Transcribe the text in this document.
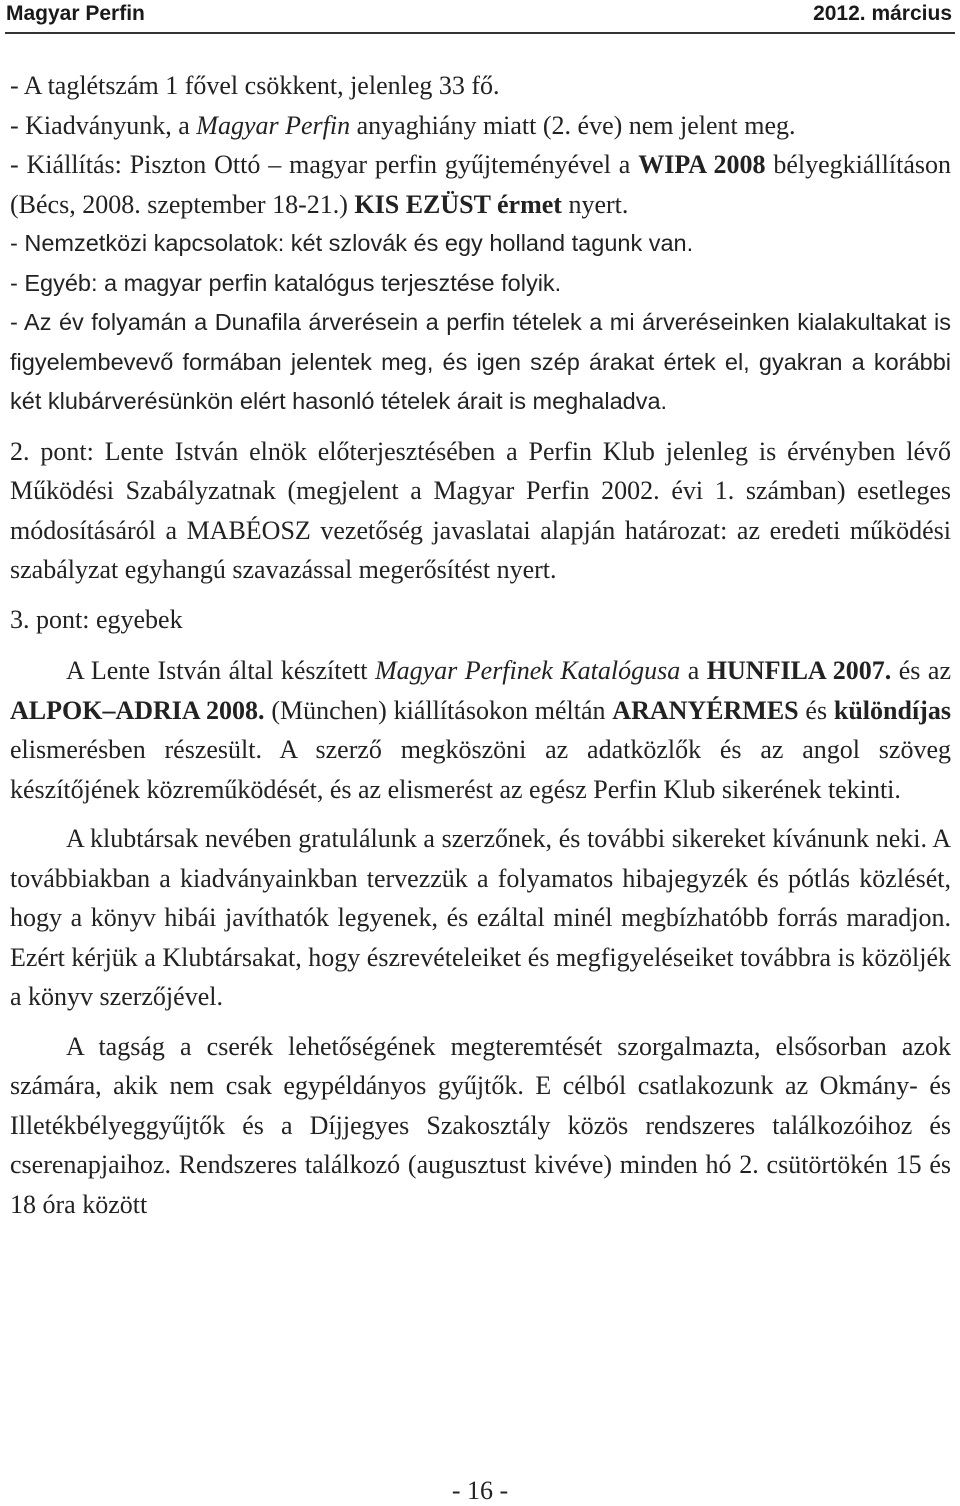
Magyar Perfin	2012. március

- A taglétszám 1 fővel csökkent, jelenleg 33 fő.

- Kiadványunk, a Magyar Perfin anyaghiány miatt (2. éve) nem jelent meg.

- Kiállítás: Piszton Ottó – magyar perfin gyűjteményével a WIPA 2008 bélyegkiállításon (Bécs, 2008. szeptember 18-21.) KIS EZÜST érmet nyert.

- Nemzetközi kapcsolatok: két szlovák és egy holland tagunk van.

- Egyéb: a magyar perfin katalógus terjesztése folyik.

- Az év folyamán a Dunafila árverésein a perfin tételek a mi árveréseinken kialakultakat is figyelembevevő formában jelentek meg, és igen szép árakat értek el, gyakran a korábbi két klubárverésünkön elért hasonló tételek árait is meghaladva.

2. pont: Lente István elnök előterjesztésében a Perfin Klub jelenleg is érvényben lévő Működési Szabályzatnak (megjelent a Magyar Perfin 2002. évi 1. számban) esetleges módosításáról a MABÉOSZ vezetőség javaslatai alapján határozat: az eredeti működési szabályzat egyhangú szavazással megerősítést nyert.

3. pont: egyebek

A Lente István által készített Magyar Perfinek Katalógusa a HUNFILA 2007. és az ALPOK–ADRIA 2008. (München) kiállításokon méltán ARANYÉRMES és különdíjas elismerésben részesült. A szerző megköszöni az adatközlők és az angol szöveg készítőjének közreműködését, és az elismerést az egész Perfin Klub sikerének tekinti.

A klubtársak nevében gratulálunk a szerzőnek, és további sikereket kívánunk neki. A továbbiakban a kiadványainkban tervezzük a folyamatos hibajegyzék és pótlás közlését, hogy a könyv hibái javíthatók legyenek, és ezáltal minél megbízhatóbb forrás maradjon. Ezért kérjük a Klubtársakat, hogy észrevételeiket és megfigyeléseiket továbbra is közöljék a könyv szerzőjével.

A tagság a cserék lehetőségének megteremtését szorgalmazta, elsősorban azok számára, akik nem csak egypéldányos gyűjtők. E célból csatlakozunk az Okmány- és Illetékbélyeggyűjtők és a Díjjegyes Szakosztály közös rendszeres találkozóihoz és cserenapjaihoz. Rendszeres találkozó (augusztust kivéve) minden hó 2. csütörtökén 15 és 18 óra között

- 16 -
